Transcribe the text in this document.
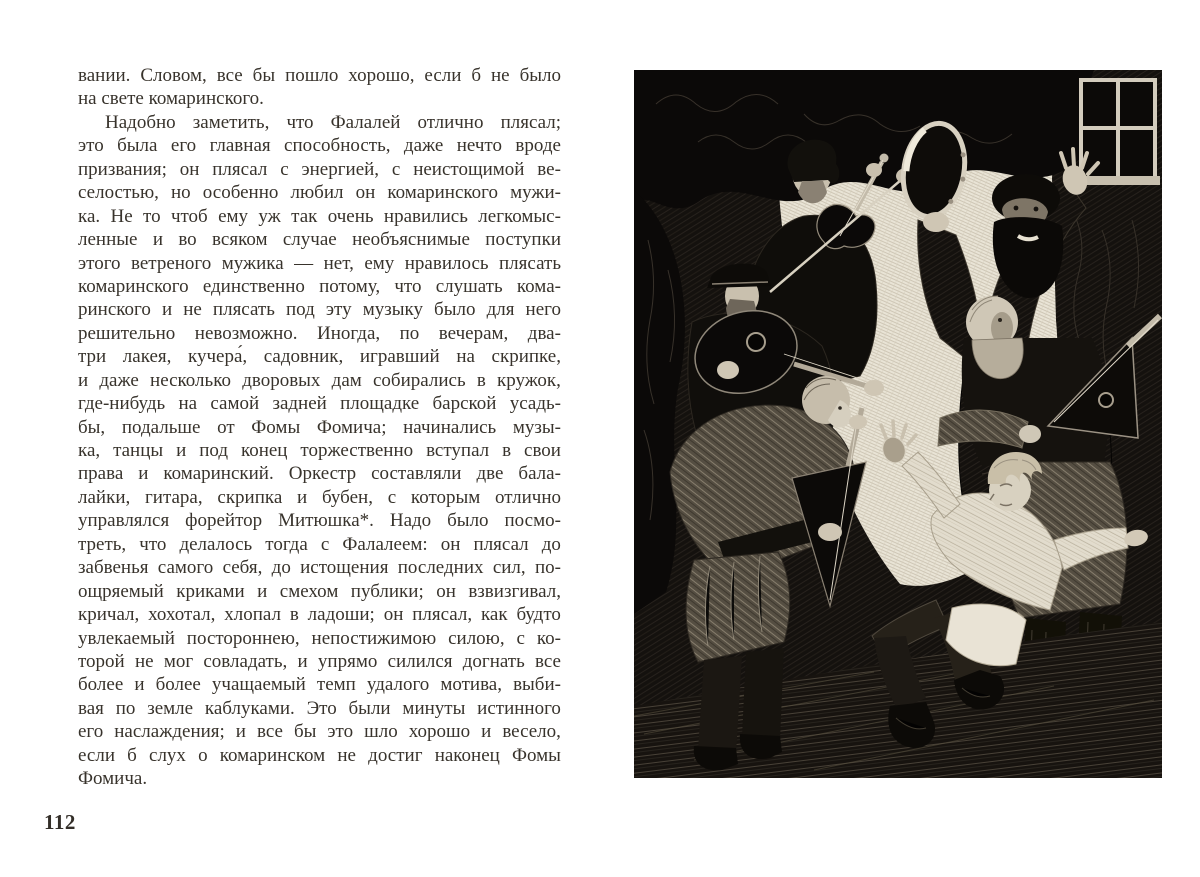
вании. Словом, все бы пошло хорошо, если б не было
на свете комаринского.
Надобно заметить, что Фалалей отлично плясал;
это была его главная способность, даже нечто вроде
призвания; он плясал с энергией, с неистощимой ве-
селостью, но особенно любил он комаринского мужи-
ка. Не то чтоб ему уж так очень нравились легкомыс-
ленные и во всяком случае необъяснимые поступки
этого ветреного мужика — нет, ему нравилось плясать
комаринского единственно потому, что слушать кома-
ринского и не плясать под эту музыку было для него
решительно невозможно. Иногда, по вечерам, два-
три лакея, кучера́, садовник, игравший на скрипке,
и даже несколько дворовых дам собирались в кружок,
где-нибудь на самой задней площадке барской усадь-
бы, подальше от Фомы Фомича; начинались музы-
ка, танцы и под конец торжественно вступал в свои
права и комаринский. Оркестр составляли две бала-
лайки, гитара, скрипка и бубен, с которым отлично
управлялся форейтор Митюшка*. Надо было посмо-
треть, что делалось тогда с Фалалеем: он плясал до
забвенья самого себя, до истощения последних сил, по-
ощряемый криками и смехом публики; он взвизгивал,
кричал, хохотал, хлопал в ладоши; он плясал, как будто
увлекаемый постороннею, непостижимою силою, с ко-
торой не мог совладать, и упрямо силился догнать все
более и более учащаемый темп удалого мотива, выби-
вая по земле каблуками. Это были минуты истинного
его наслаждения; и все бы это шло хорошо и весело,
если б слух о комаринском не достиг наконец Фомы
Фомича.
112
